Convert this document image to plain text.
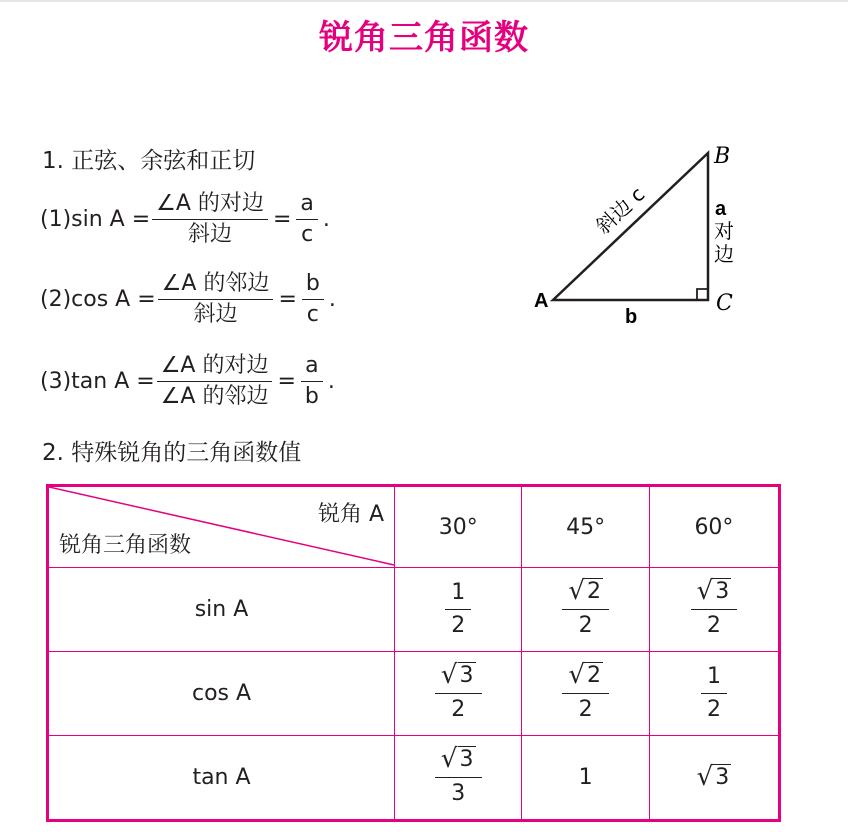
锐角三角函数
1. 正弦、余弦和正切
(1)sin $A = \frac{\text{∠A 的对边}}{\text{斜边}} = \frac{a}{c}$ .
(2)cos $A = \frac{\text{∠A 的邻边}}{\text{斜边}} = \frac{b}{c}$ .
(3)tan $A = \frac{\text{∠A 的对边}}{\text{∠A 的邻边}} = \frac{a}{b}$ .
A
B
C
斜边 c	a
对
边
b
2. 特殊锐角的三角函数值
锐角 A
锐角三角函数	30°	45°	60°
sin A	$\frac{1}{2}$	$\frac{√ 2}{2}$	$\frac{√ 3}{2}$

cos A	$\frac{√ 3}{2}$	$\frac{√ 2}{2}$	$\frac{1}{2}$

tan A	$\frac{√ 3}{3}$	1	√ 3
